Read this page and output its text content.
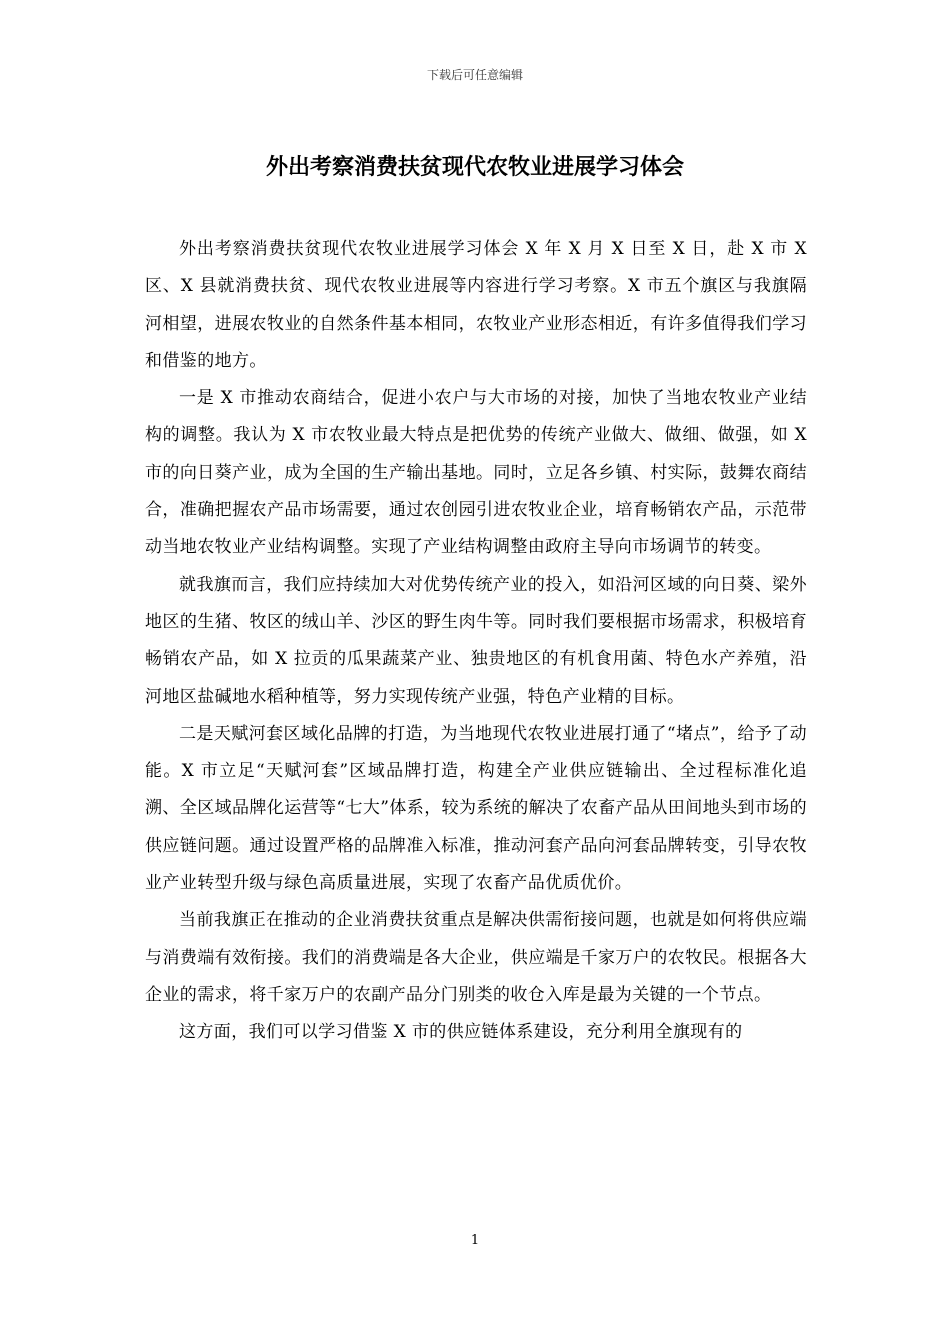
下载后可任意编辑
外出考察消费扶贫现代农牧业进展学习体会

外出考察消费扶贫现代农牧业进展学习体会 X 年 X 月 X 日至 X 日，赴 X 市 X 区、X 县就消费扶贫、现代农牧业进展等内容进行学习考察。X 市五个旗区与我旗隔河相望，进展农牧业的自然条件基本相同，农牧业产业形态相近，有许多值得我们学习和借鉴的地方。

一是 X 市推动农商结合，促进小农户与大市场的对接，加快了当地农牧业产业结构的调整。我认为 X 市农牧业最大特点是把优势的传统产业做大、做细、做强，如 X 市的向日葵产业，成为全国的生产输出基地。同时，立足各乡镇、村实际，鼓舞农商结合，准确把握农产品市场需要，通过农创园引进农牧业企业，培育畅销农产品，示范带动当地农牧业产业结构调整。实现了产业结构调整由政府主导向市场调节的转变。

就我旗而言，我们应持续加大对优势传统产业的投入，如沿河区域的向日葵、梁外地区的生猪、牧区的绒山羊、沙区的野生肉牛等。同时我们要根据市场需求，积极培育畅销农产品，如 X 拉贡的瓜果蔬菜产业、独贵地区的有机食用菌、特色水产养殖，沿河地区盐碱地水稻种植等，努力实现传统产业强，特色产业精的目标。

二是天赋河套区域化品牌的打造，为当地现代农牧业进展打通了“堵点”，给予了动能。X 市立足“天赋河套”区域品牌打造，构建全产业供应链输出、全过程标准化追溯、全区域品牌化运营等“七大”体系，较为系统的解决了农畜产品从田间地头到市场的供应链问题。通过设置严格的品牌准入标准，推动河套产品向河套品牌转变，引导农牧业产业转型升级与绿色高质量进展，实现了农畜产品优质优价。

当前我旗正在推动的企业消费扶贫重点是解决供需衔接问题，也就是如何将供应端与消费端有效衔接。我们的消费端是各大企业，供应端是千家万户的农牧民。根据各大企业的需求，将千家万户的农副产品分门别类的收仓入库是最为关键的一个节点。

这方面，我们可以学习借鉴 X 市的供应链体系建设，充分利用全旗现有的

1
